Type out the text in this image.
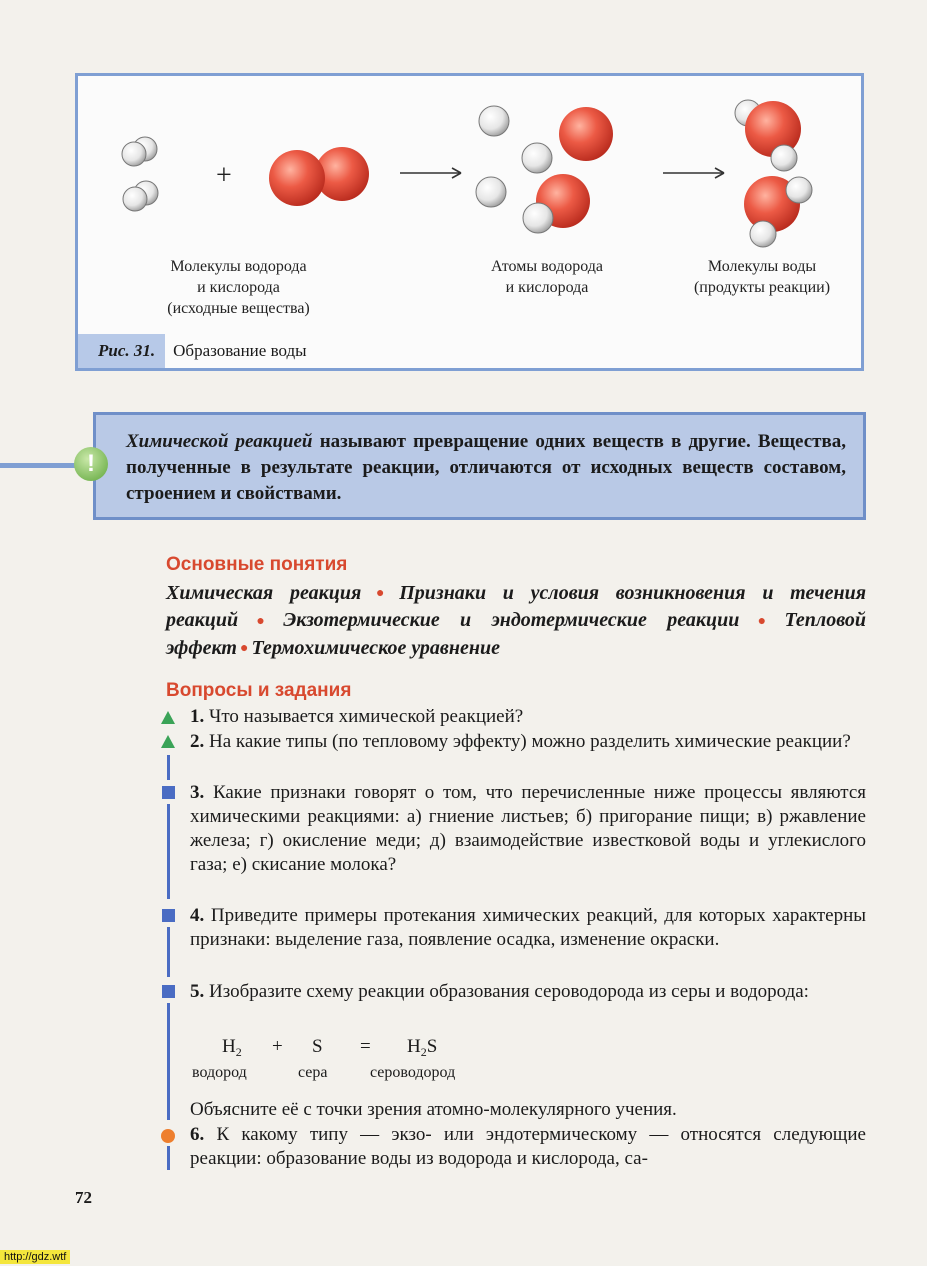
+
Молекулы водорода
и кислорода
(исходные вещества)
Атомы водорода
и кислорода
Молекулы воды
(продукты реакции)
Рис. 31.	Образование воды
Химической реакцией называют превращение одних веществ в другие. Вещества, полученные в результате реакции, отличаются от исходных веществ составом, строением и свойствами.
!
Основные понятия
Химическая реакция ● Признаки и условия возникновения и течения реакций ● Экзотермические и эндотермические реакции ● Тепловой эффект ● Термохимическое уравнение
Вопросы и задания
1. Что называется химической реакцией?
2. На какие типы (по тепловому эффекту) можно разделить химические реакции?
3. Какие признаки говорят о том, что перечисленные ниже процессы являются химическими реакциями: а) гниение листьев; б) пригорание пищи; в) ржавление железа; г) окисление меди; д) взаимодействие известковой воды и углекислого газа; е) скисание молока?
4. Приведите примеры протекания химических реакций, для которых характерны признаки: выделение газа, появление осадка, изменение окраски.
5. Изобразите схему реакции образования сероводорода из серы и водорода:
$H_2 + S = H_2S$
водород	сера	сероводород
Объясните её с точки зрения атомно-молекулярного учения.
6. К какому типу — экзо- или эндотермическому — относятся следующие реакции: образование воды из водорода и кислорода, са-
72
http://gdz.wtf
